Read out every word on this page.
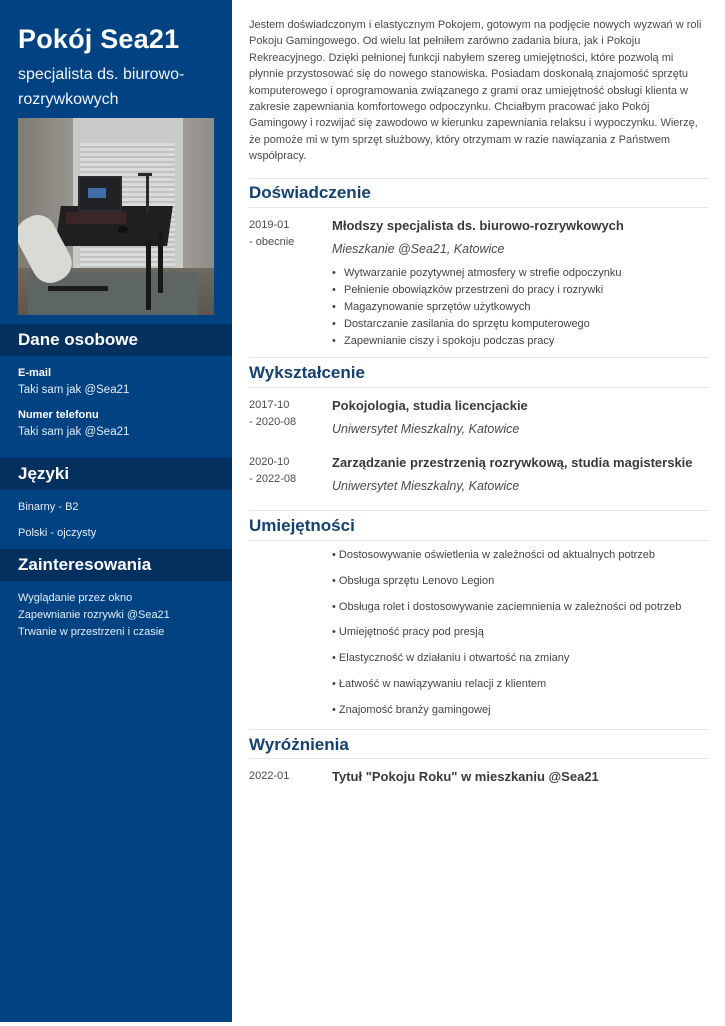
Pokój Sea21
specjalista ds. biurowo-rozrywkowych
Dane osobowe
E-mail
Taki sam jak @Sea21
Numer telefonu
Taki sam jak @Sea21
Języki
Binarny - B2
Polski - ojczysty
Zainteresowania
Wyglądanie przez okno
Zapewnianie rozrywki @Sea21
Trwanie w przestrzeni i czasie

Jestem doświadczonym i elastycznym Pokojem, gotowym na podjęcie nowych wyzwań w roli Pokoju Gamingowego. Od wielu lat pełniłem zarówno zadania biura, jak i Pokoju Rekreacyjnego. Dzięki pełnionej funkcji nabyłem szereg umiejętności, które pozwolą mi płynnie przystosować się do nowego stanowiska. Posiadam doskonałą znajomość sprzętu komputerowego i oprogramowania związanego z grami oraz umiejętność obsługi klienta w zakresie zapewniania komfortowego odpoczynku. Chciałbym pracować jako Pokój Gamingowy i rozwijać się zawodowo w kierunku zapewniania relaksu i wypoczynku. Wierzę, że pomoże mi w tym sprzęt służbowy, który otrzymam w razie nawiązania z Państwem współpracy.

Doświadczenie
2019-01
- obecnie
Młodszy specjalista ds. biurowo-rozrywkowych
Mieszkanie @Sea21, Katowice
• Wytwarzanie pozytywnej atmosfery w strefie odpoczynku
• Pełnienie obowiązków przestrzeni do pracy i rozrywki
• Magazynowanie sprzętów użytkowych
• Dostarczanie zasilania do sprzętu komputerowego
• Zapewnianie ciszy i spokoju podczas pracy
Wykształcenie
2017-10
- 2020-08
Pokojologia, studia licencjackie
Uniwersytet Mieszkalny, Katowice
2020-10
- 2022-08
Zarządzanie przestrzenią rozrywkową, studia magisterskie
Uniwersytet Mieszkalny, Katowice
Umiejętności
• Dostosowywanie oświetlenia w zależności od aktualnych potrzeb
• Obsługa sprzętu Lenovo Legion
• Obsługa rolet i dostosowywanie zaciemnienia w zależności od potrzeb
• Umiejętność pracy pod presją
• Elastyczność w działaniu i otwartość na zmiany
• Łatwość w nawiązywaniu relacji z klientem
• Znajomość branży gamingowej
Wyróżnienia
2022-01	Tytuł "Pokoju Roku" w mieszkaniu @Sea21
